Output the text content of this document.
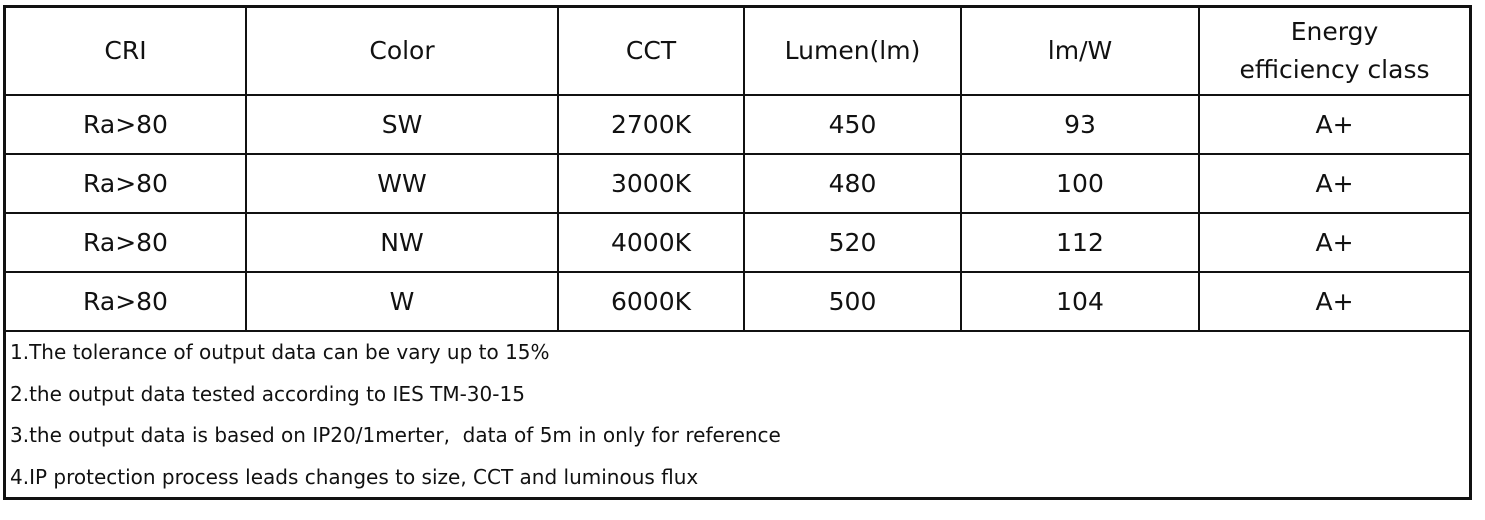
CRI	Color	CCT	Lumen(lm)	lm/W	Energy
efficiency class

Ra>80	SW	2700K	450	93	A+
Ra>80	WW	3000K	480	100	A+
Ra>80	NW	4000K	520	112	A+
Ra>80	W	6000K	500	104	A+
1.The tolerance of output data can be vary up to 15%
2.the output data tested according to IES TM-30-15
3.the output data is based on IP20/1merter,  data of 5m in only for reference
4.IP protection process leads changes to size, CCT and luminous flux
